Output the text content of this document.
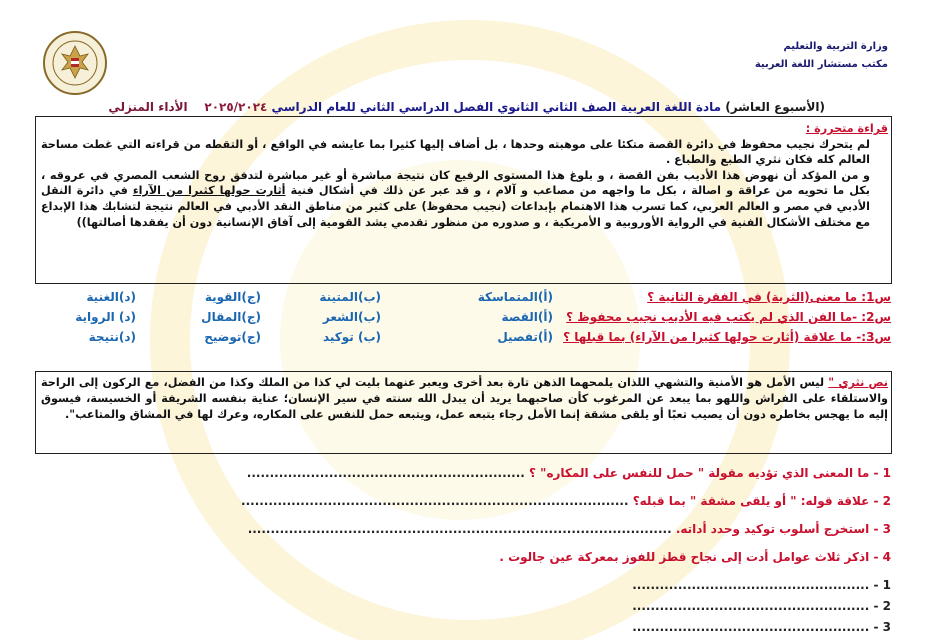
وزارة التربية والتعليم
مكتب مستشار اللغة العربية
(الأسبوع العاشر) مادة اللغة العربية الصف الثاني الثانوي الفصل الدراسي الثاني للعام الدراسي ٢٠٢٥/٢٠٢٤    الأداء المنزلي
قراءة متحررة :
لم يتحرك نجيب محفوظ في دائرة القصة متكئا على موهبته وحدها ، بل أضاف إليها كثيرا بما عايشه في الواقع ، أو التقطه من قراءته التي غطت مساحة العالم كله فكان نثري الطبع والطباع .
و من المؤكد أن نهوض هذا الأديب بفن القصة ، و بلوغ هذا المستوى الرفيع كان نتيجة مباشرة أو غير مباشرة لتدفق روح الشعب المصري في عروقه ، بكل ما تحويه من عراقة و اصالة ، بكل ما واجهه من مصاعب و آلام ، و قد عبر عن ذلك في أشكال فنية أثارت حولها كثيرا من الآراء في دائرة النقل الأدبي في مصر و العالم العربي، كما تسرب هذا الاهتمام بإبداعات (نجيب محفوظ) على كثير من مناطق النقد الأدبي في العالم نتيجة لتشابك هذا الإبداع مع مختلف الأشكال الفنية في الرواية الأوروبية و الأمريكية ، و صدوره من منظور تقدمي يشد القومية إلى آفاق الإنسانية دون أن يفقدها أصالتها))
س1: ما معنى(الثرية) في الفقرة الثانية ؟
(أ)المتماسكة
(ب)المتينة
(ج)القوية
(د)الغنية
س2: -ما الفن الذي لم يكتب فيه الأديب نجيب محفوظ ؟
(أ)القصة
(ب)الشعر
(ج)المقال
(د) الرواية
س3:- ما علاقة (أثارت حولها كثيرا من الآراء) بما قبلها ؟
(أ)تفصيل
(ب) توكيد
(ج)توضيح
(د)نتيجة
نص نثري " ليس الأمل هو الأمنية والتشهي اللذان يلمحهما الذهن تارة بعد أخرى ويعبر عنهما بليت لي كذا من الملك وكذا من الفضل، مع الركون إلى الراحة والاستلقاء على الفراش واللهو بما يبعد عن المرغوب كأن صاحبهما يريد أن يبدل الله سنته في سير الإنسان؛ عناية بنفسه الشريفة أو الخسيسة، فيسوق إليه ما يهجس بخاطره دون أن يصيب تعبًا أو يلقى مشقة إنما الأمل رجاء يتبعه عمل، ويتبعه حمل للنفس على المكاره، وعرك لها في المشاق والمتاعب".
1 - ما المعنى الذي تؤديه مقولة " حمل للنفس على المكاره" ؟ .............................................................
2 - علاقة قوله: " أو يلقى مشقة " بما قبله؟ .....................................................................................
3 - استخرج أسلوب توكيد وحدد أداته. .............................................................................................
4 - اذكر ثلاث عوامل أدت إلى نجاح قطز للفوز بمعركة عين جالوت .
1 - ....................................................
2 - ....................................................
3 - ....................................................
